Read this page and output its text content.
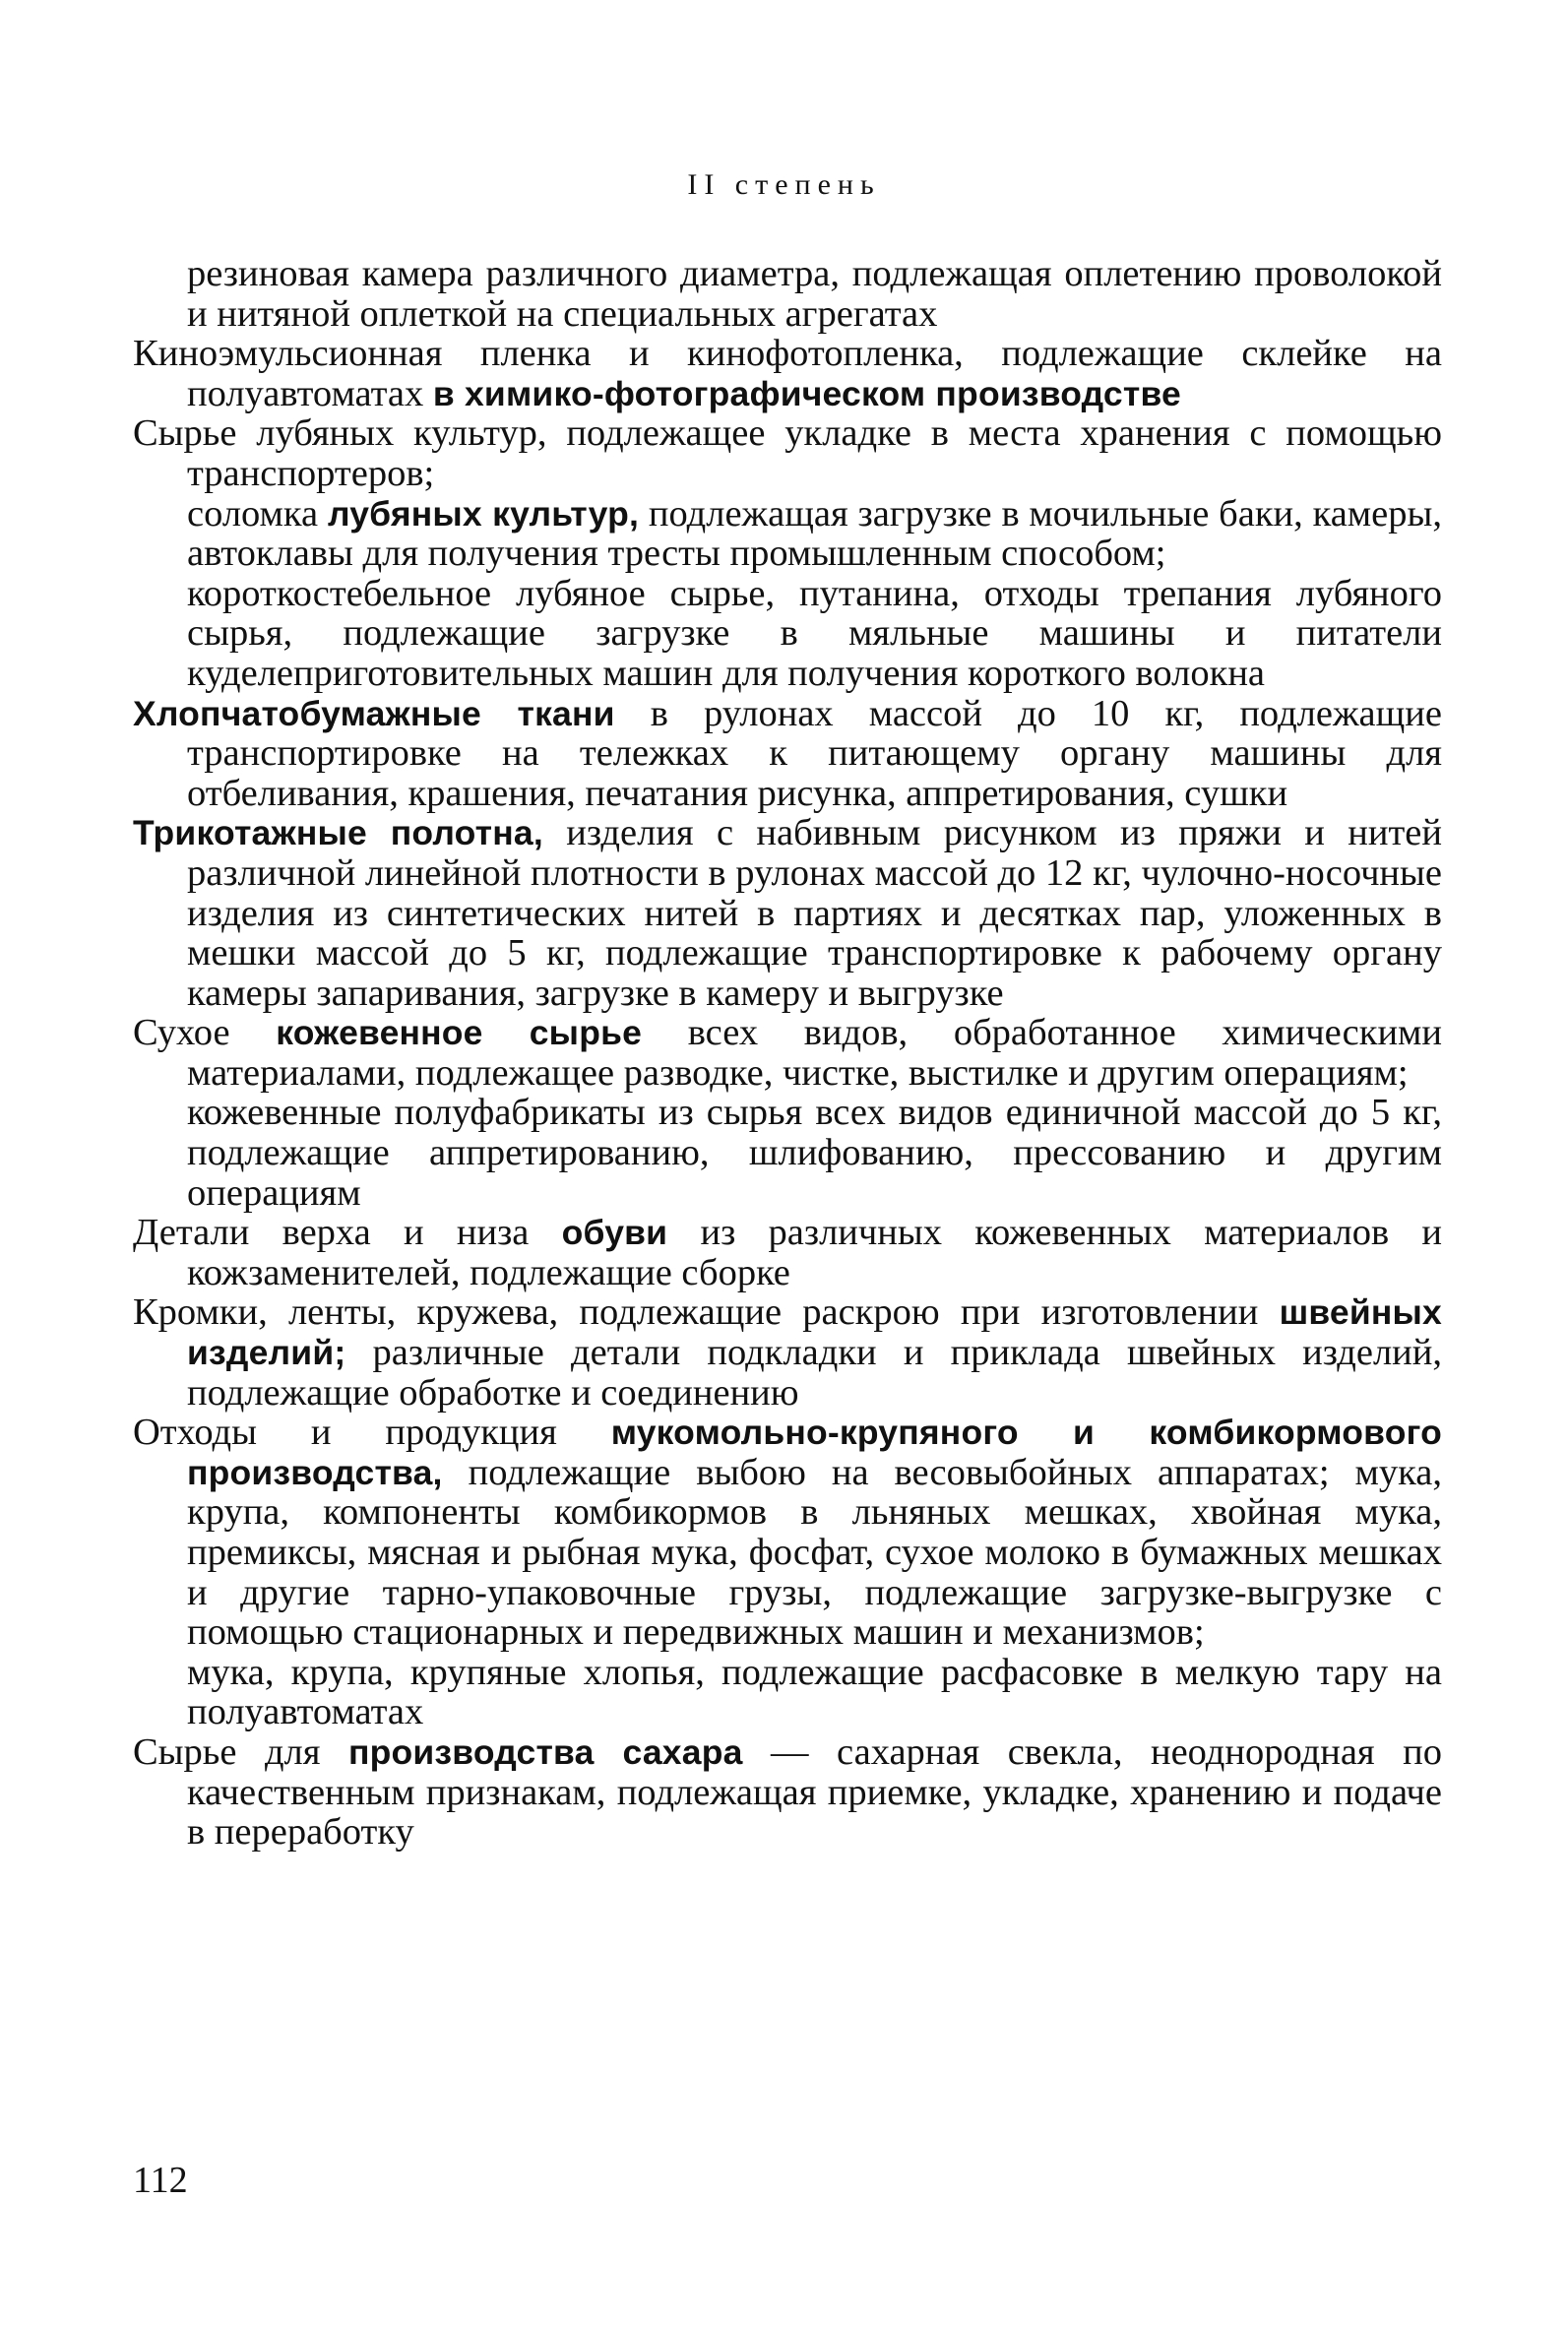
II степень

резиновая камера различного диаметра, подлежащая оплетению проволокой и нитяной оплеткой на специальных агрегатах

Киноэмульсионная пленка и кинофотопленка, подлежащие склейке на полуавтоматах в химико-фотографическом производстве

Сырье лубяных культур, подлежащее укладке в места хранения с помощью транспортеров;

соломка лубяных культур, подлежащая загрузке в мочильные баки, камеры, автоклавы для получения тресты промышленным способом;

короткостебельное лубяное сырье, путанина, отходы трепания лубяного сырья, подлежащие загрузке в мяльные машины и питатели куделеприготовительных машин для получения короткого волокна

Хлопчатобумажные ткани в рулонах массой до 10 кг, подлежащие транспортировке на тележках к питающему органу машины для отбеливания, крашения, печатания рисунка, аппретирования, сушки

Трикотажные полотна, изделия с набивным рисунком из пряжи и нитей различной линейной плотности в рулонах массой до 12 кг, чулочно-носочные изделия из синтетических нитей в партиях и десятках пар, уложенных в мешки массой до 5 кг, подлежащие транспортировке к рабочему органу камеры запаривания, загрузке в камеру и выгрузке

Сухое кожевенное сырье всех видов, обработанное химическими материалами, подлежащее разводке, чистке, выстилке и другим операциям;

кожевенные полуфабрикаты из сырья всех видов единичной массой до 5 кг, подлежащие аппретированию, шлифованию, прессованию и другим операциям

Детали верха и низа обуви из различных кожевенных материалов и кожзаменителей, подлежащие сборке

Кромки, ленты, кружева, подлежащие раскрою при изготовлении швейных изделий; различные детали подкладки и приклада швейных изделий, подлежащие обработке и соединению

Отходы и продукция мукомольно-крупяного и комбикормового производства, подлежащие выбою на весовыбойных аппаратах; мука, крупа, компоненты комбикормов в льняных мешках, хвойная мука, премиксы, мясная и рыбная мука, фосфат, сухое молоко в бумажных мешках и другие тарно-упаковочные грузы, подлежащие загрузке-выгрузке с помощью стационарных и передвижных машин и механизмов;

мука, крупа, крупяные хлопья, подлежащие расфасовке в мелкую тару на полуавтоматах

Сырье для производства сахара — сахарная свекла, неоднородная по качественным признакам, подлежащая приемке, укладке, хранению и подаче в переработку

112
